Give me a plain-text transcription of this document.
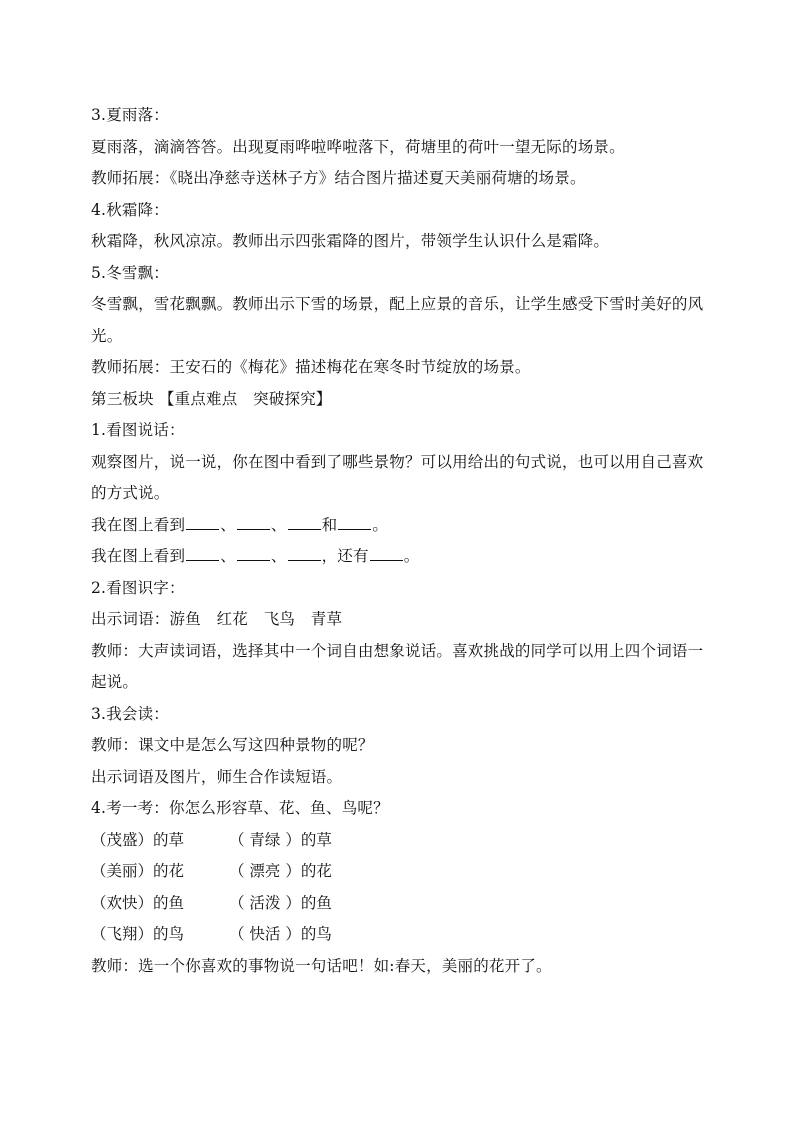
3.夏雨落：
夏雨落，滴滴答答。出现夏雨哗啦哗啦落下，荷塘里的荷叶一望无际的场景。
教师拓展：《晓出净慈寺送林子方》结合图片描述夏天美丽荷塘的场景。
4.秋霜降：
秋霜降，秋风凉凉。教师出示四张霜降的图片，带领学生认识什么是霜降。
5.冬雪飘：
冬雪飘，雪花飘飘。教师出示下雪的场景，配上应景的音乐，让学生感受下雪时美好的风光。
教师拓展：王安石的《梅花》描述梅花在寒冬时节绽放的场景。
第三板块 【重点难点　突破探究】
1.看图说话：
观察图片，说一说，你在图中看到了哪些景物？可以用给出的句式说，也可以用自己喜欢的方式说。
我在图上看到 、 、 和 。
我在图上看到 、 、 ，还有 。
2.看图识字：
出示词语：游鱼　红花　飞鸟　青草
教师：大声读词语，选择其中一个词自由想象说话。喜欢挑战的同学可以用上四个词语一起说。
3.我会读：
教师：课文中是怎么写这四种景物的呢？
出示词语及图片，师生合作读短语。
4.考一考：你怎么形容草、花、鱼、鸟呢？
（茂盛）的草	（ 青绿 ）的草
（美丽）的花	（ 漂亮 ）的花
（欢快）的鱼	（ 活泼 ）的鱼
（飞翔）的鸟	（ 快活 ）的鸟
教师：选一个你喜欢的事物说一句话吧！如:春天，美丽的花开了。
